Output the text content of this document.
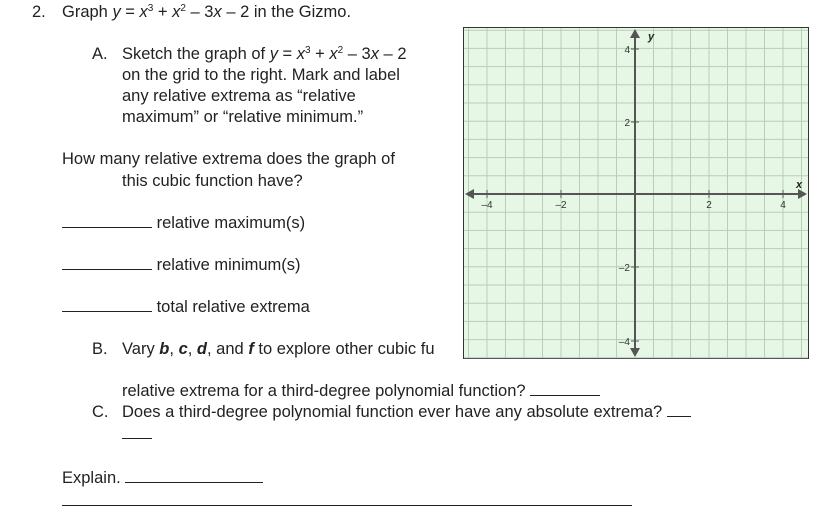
2. Graph $y = x^3 + x^2 - 3x - 2$ in the Gizmo.
A. Sketch the graph of $y = x^3 + x^2 - 3x - 2$
on the grid to the right. Mark and label
any relative extrema as “relative
maximum” or “relative minimum.”
How many relative extrema does the graph of
this cubic function have?
relative maximum(s)
relative minimum(s)
total relative extrema
B. Vary b, c, d, and f to explore other cubic fu
relative extrema for a third-degree polynomial function?
C. Does a third-degree polynomial function ever have any absolute extrema?
Explain.
–4	–2	2	4
4
2
–2
–4
x
y
